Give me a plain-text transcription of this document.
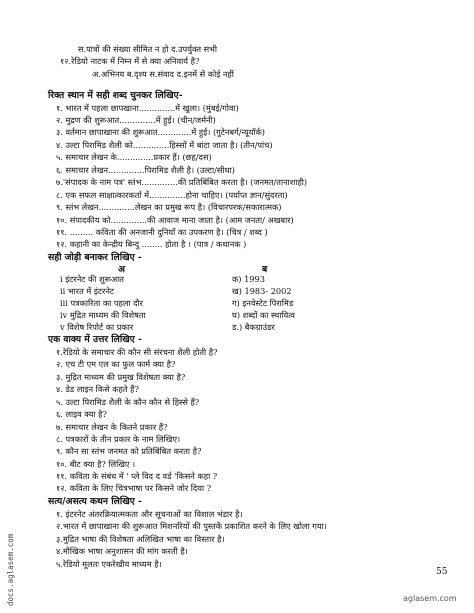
स.पात्रों की संख्या सीमित न हो द.उपर्युक्त सभी
१२.रेडियो नाटक में निम्न में से क्या अनिवार्य है?
अ.अभिनय ब.दृश्य स.संवाद द.इनमें से कोई नहीं
रिक्त स्थान में सही शब्द चुनकर लिखिए-
१. भारत में पहला छापखाना..............में खुला। (मुंबई/गोवा)
२. मुद्रण की शुरूआत..............में हुई। (चीन/जर्मनी)
३. वर्तमान छापाखाना की शुरूआत.............में हुई। (गुटेनबर्ग/न्यूयॉर्क)
४. उल्टा पिरामिड शैली को..............हिस्सों में बांटा जाता है। (तीन/पांच)
५. समाचार लेखन के..............प्रकार हैं। (छह/दस)
६. समाचार लेखन..............पिरामिड शैली है। (उल्टा/सीधा)
७.'संपादक के नाम पत्र' स्तंभ..............की प्रतिबिंबित करता है। (जनमत/तानाशाही)
८. एक सफल साक्षात्कारकर्ता में..............होना चाहिए। (पर्याप्त ज्ञान/सुंदरता)
९. स्तंभ लेखन..............लेखन का प्रमुख रूप है। (विचारपरक/सकारात्मक)
१०. संपादकीय को..............की आवाज माना जाता है। (आम जनता/ अखबार)
११. ......... कविता की अनजानी दुनियाँ का उपकरण है। (चित्र / शब्द )
१२. कहानी का केन्द्रीय बिन्दु ........ होता है । (पात्र / कथानक )
सही जोड़ी बनाकर लिखिए -
अ	ब
i इंटरनेट की शुरूआत	क) 1993
ii भारत में इंटरनेट	ख) 1983- 2002
iii पत्रकारिता का पहला दौर	ग) इनवेस्टेट पिरामिड
iv मुद्रित माध्यम की विशेषता	घ) शब्दों का स्थायित्व
v विशेष रिपोर्ट का प्रकार	ड.) बैकग्राउंडर
एक वाक्य में उत्तर लिखिए -
१.रेडियो के समाचार की कौन सी संरचना शैली होती है?
२. एच टी एम एल का फुल फार्म क्या है?
३. मुद्रित माध्यम की प्रमुख विशेषता क्या है?
४. डेड लाइन किसे कहते हैं?
५. उल्टा पिरामिड शैली के कौन कौन से हिस्से हैं?
६. लाइव क्या है?
७. समाचार लेखन के कितने प्रकार हैं?
८. पत्रकारों के तीन प्रकार के नाम लिखिए।
९. कौन सा स्तंभ जनमत को प्रतिबिंबित करता है?
१०. बीट क्या है? लिखिए ।
११. कविता के संबंध में ' प्ले विद द वर्ड 'किसने कहा ?
१२. कविता के लिए चित्रभाषा पर किसने जोर दिया ?
सत्य/असत्य कथन लिखिए -
१. इंटरनेट अंतरक्रियात्मकता और सूचनाओं का विशाल भंडार है।
२.भारत में छापाखाना की शुरूआत मिशनरियों की पुस्तकें प्रकाशित करने के लिए खोला गया।
३.मुद्रित भाषा की विशेषता अलिखित भाषा का विस्तार है।
४.मौखिक भाषा अनुशासन की मांग करती है।
५.रेडियो मूलतः एकरेखीय माध्यम है।
55
aglasem.com
docs.aglasem.com
